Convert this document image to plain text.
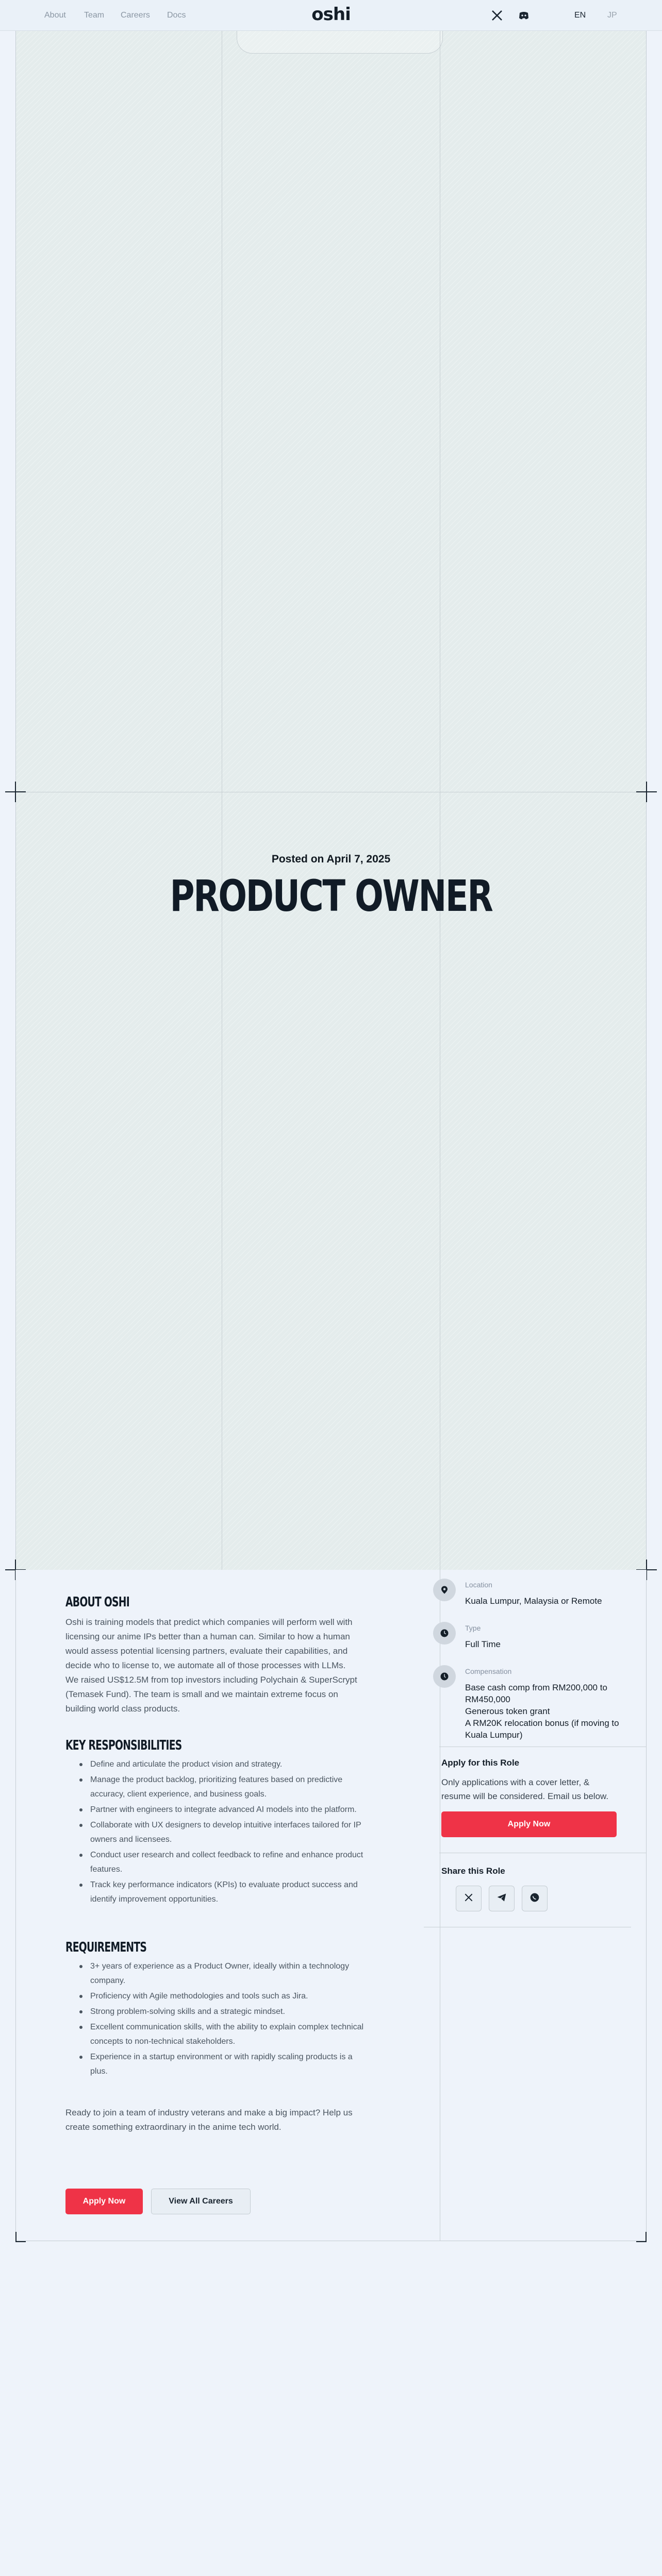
About Team Careers Docs	oshi	EN	JP
Posted on April 7, 2025
PRODUCT OWNER
ABOUT OSHI
Oshi is training models that predict which companies will perform well with licensing our anime IPs better than a human can. Similar to how a human would assess potential licensing partners, evaluate their capabilities, and decide who to license to, we automate all of those processes with LLMs. We raised US$12.5M from top investors including Polychain & SuperScrypt (Temasek Fund). The team is small and we maintain extreme focus on building world class products.
KEY RESPONSIBILITIES
Define and articulate the product vision and strategy.
Manage the product backlog, prioritizing features based on predictive accuracy, client experience, and business goals.
Partner with engineers to integrate advanced AI models into the platform.
Collaborate with UX designers to develop intuitive interfaces tailored for IP owners and licensees.
Conduct user research and collect feedback to refine and enhance product features.
Track key performance indicators (KPIs) to evaluate product success and identify improvement opportunities.
REQUIREMENTS
3+ years of experience as a Product Owner, ideally within a technology company.
Proficiency with Agile methodologies and tools such as Jira.
Strong problem-solving skills and a strategic mindset.
Excellent communication skills, with the ability to explain complex technical concepts to non-technical stakeholders.
Experience in a startup environment or with rapidly scaling products is a plus.
Ready to join a team of industry veterans and make a big impact? Help us create something extraordinary in the anime tech world.
Apply Now	View All Careers
Location
Kuala Lumpur, Malaysia or Remote
Type
Full Time
Compensation
Base cash comp from RM200,000 to RM450,000
Generous token grant
A RM20K relocation bonus (if moving to Kuala Lumpur)
Apply for this Role
Only applications with a cover letter, & resume will be considered. Email us below.
Apply Now
Share this Role
